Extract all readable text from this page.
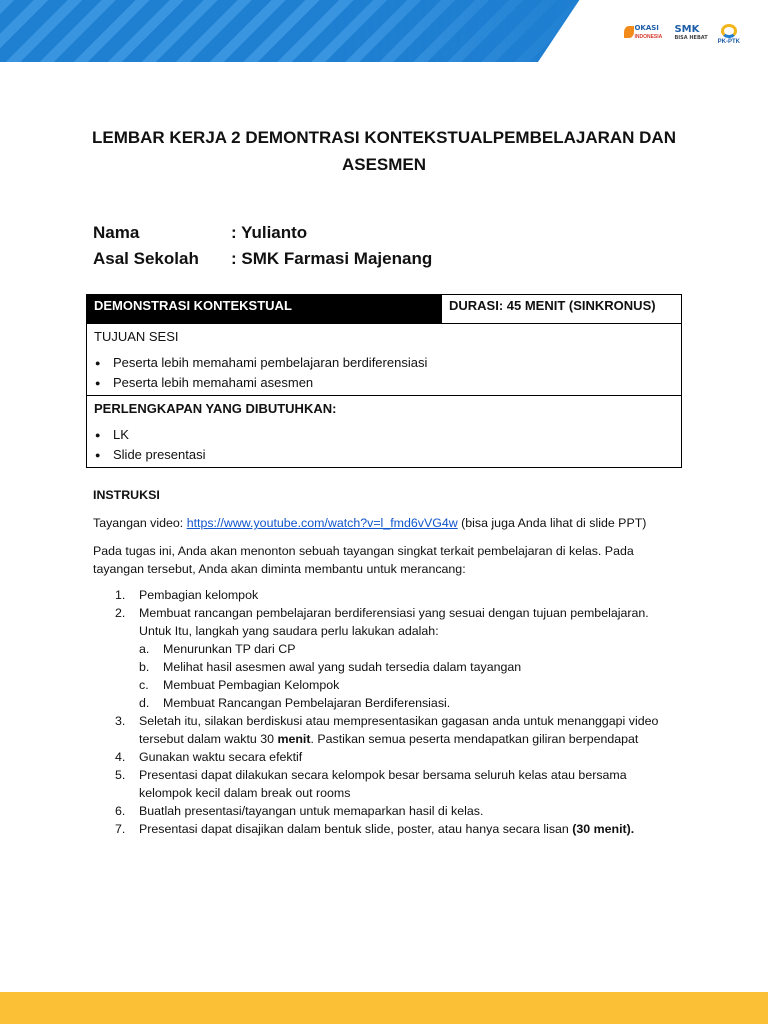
OKASI
INDONESIA
SMK
BISA HEBAT
PK-PTK
LEMBAR KERJA 2 DEMONTRASI KONTEKSTUALPEMBELAJARAN DAN
ASESMEN
Nama	: Yulianto
Asal Sekolah	: SMK Farmasi Majenang
DEMONSTRASI KONTEKSTUAL	DURASI: 45 MENIT (SINKRONUS)
TUJUAN SESI
● Peserta lebih memahami pembelajaran berdiferensiasi
● Peserta lebih memahami asesmen
PERLENGKAPAN YANG DIBUTUHKAN:
● LK
● Slide presentasi
INSTRUKSI

Tayangan video: https://www.youtube.com/watch?v=l_fmd6vVG4w (bisa juga Anda lihat di slide PPT)

Pada tugas ini, Anda akan menonton sebuah tayangan singkat terkait pembelajaran di kelas. Pada tayangan tersebut, Anda akan diminta membantu untuk merancang:

1. Pembagian kelompok
2. Membuat rancangan pembelajaran berdiferensiasi yang sesuai dengan tujuan pembelajaran. Untuk Itu, langkah yang saudara perlu lakukan adalah:
a. Menurunkan TP dari CP
b. Melihat hasil asesmen awal yang sudah tersedia dalam tayangan
c. Membuat Pembagian Kelompok
d. Membuat Rancangan Pembelajaran Berdiferensiasi.
3. Seletah itu, silakan berdiskusi atau mempresentasikan gagasan anda untuk menanggapi video tersebut dalam waktu 30 menit. Pastikan semua peserta mendapatkan giliran berpendapat
4. Gunakan waktu secara efektif
5. Presentasi dapat dilakukan secara kelompok besar bersama seluruh kelas atau bersama kelompok kecil dalam break out rooms
6. Buatlah presentasi/tayangan untuk memaparkan hasil di kelas.
7. Presentasi dapat disajikan dalam bentuk slide, poster, atau hanya secara lisan (30 menit).
